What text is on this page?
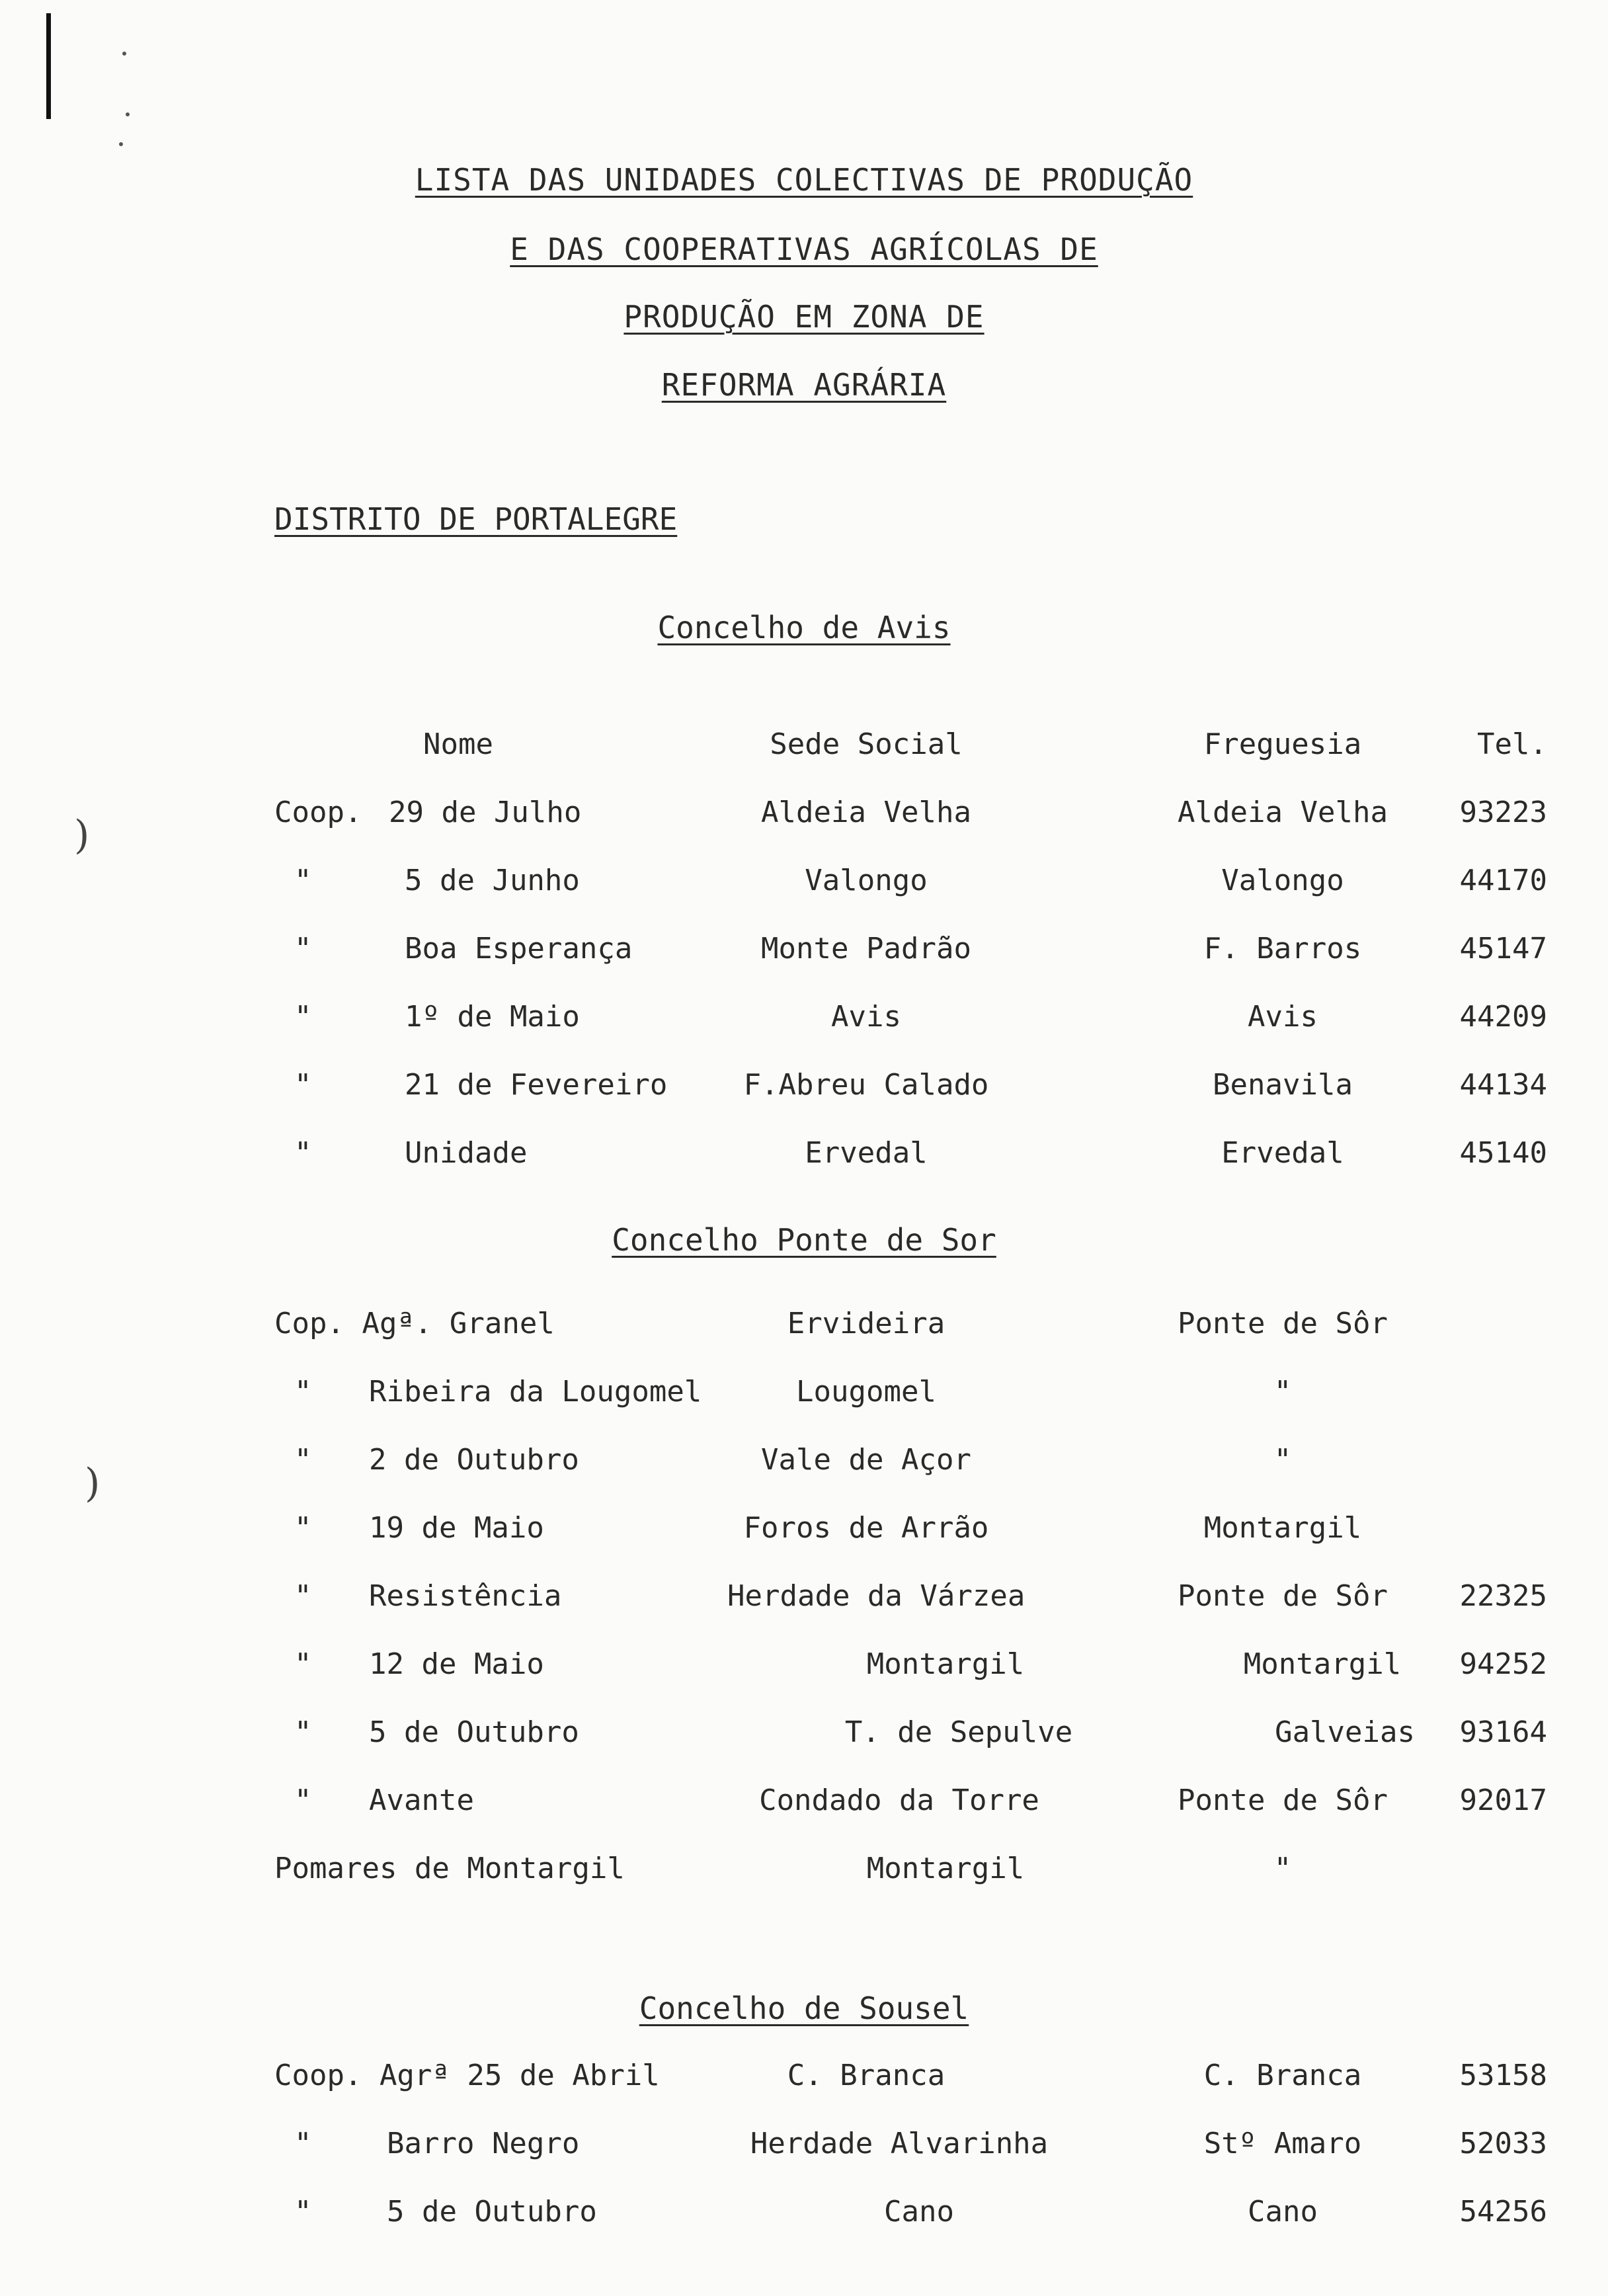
)
)
LISTA DAS UNIDADES COLECTIVAS DE PRODUÇÃO
E DAS COOPERATIVAS AGRÍCOLAS DE
PRODUÇÃO EM ZONA DE
REFORMA AGRÁRIA
DISTRITO DE PORTALEGRE
Concelho de Avis
Nome	Sede Social	Freguesia	Tel.
Coop. 29 de Julho	Aldeia Velha	Aldeia Velha	93223
"	5 de Junho	Valongo	Valongo	44170
"	Boa Esperança	Monte Padrão	F. Barros	45147
"	1º de Maio	Avis	Avis	44209
"	21 de Fevereiro	F.Abreu Calado	Benavila	44134
"	Unidade	Ervedal	Ervedal	45140
Concelho Ponte de Sor
Cop. Agª. Granel	Ervideira	Ponte de Sôr
" Ribeira da Lougomel	Lougomel	"
" 2 de Outubro	Vale de Açor	"
" 19 de Maio	Foros de Arrão	Montargil
" Resistência	Herdade da Várzea	Ponte de Sôr	22325
" 12 de Maio	Montargil	Montargil	94252
" 5 de Outubro	T. de Sepulve	Galveias	93164
" Avante	Condado da Torre	Ponte de Sôr	92017
Pomares de Montargil	Montargil	"
Concelho de Sousel
Coop. Agrª 25 de Abril	C. Branca	C. Branca	53158
"	Barro Negro	Herdade Alvarinha	Stº Amaro	52033
"	5 de Outubro	Cano	Cano	54256
